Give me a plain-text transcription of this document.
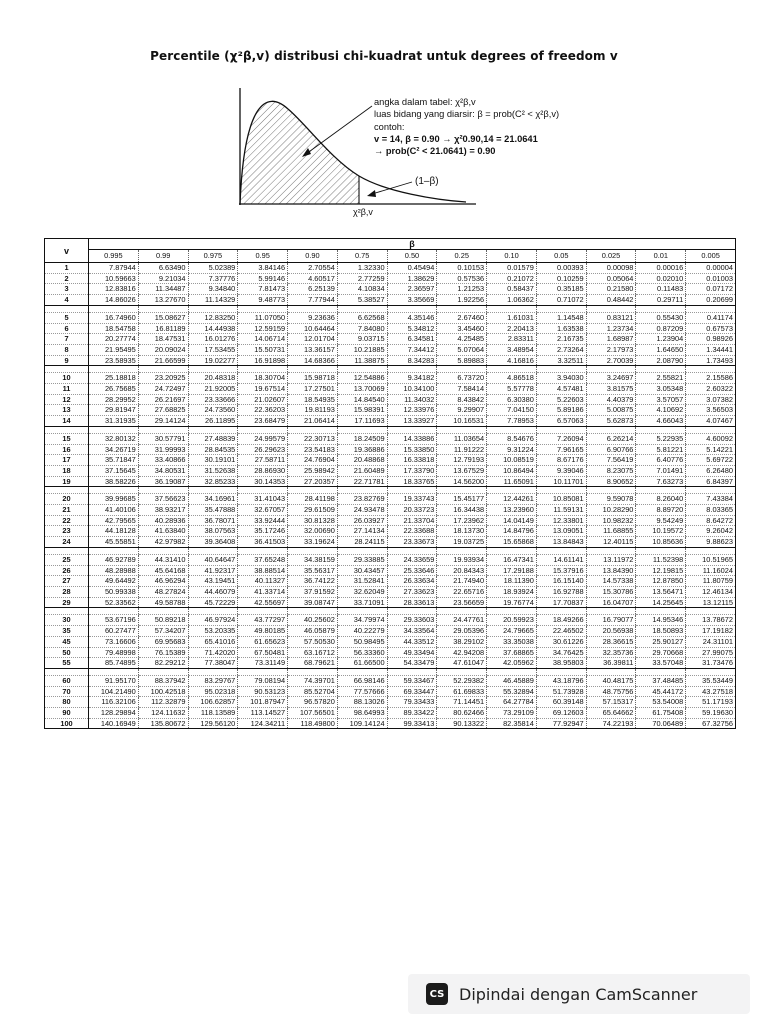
Percentile (χ²β,v) distribusi chi-kuadrat untuk degrees of freedom v
angka dalam tabel: χ²β,v
luas bidang yang diarsir: β = prob(C² < χ²β,v)
contoh:
v = 14, β = 0.90 → χ²0.90,14 = 21.0641
→ prob(C² < 21.0641) = 0.90
(1–β)
χ²β,v
v	β												
	0.995	0.99	0.975	0.95	0.90	0.75	0.50	0.25	0.10	0.05	0.025	0.01	0.005
1	7.87944	6.63490	5.02389	3.84146	2.70554	1.32330	0.45494	0.10153	0.01579	0.00393	0.00098	0.00016	0.00004
2	10.59663	9.21034	7.37776	5.99146	4.60517	2.77259	1.38629	0.57536	0.21072	0.10259	0.05064	0.02010	0.01003
3	12.83816	11.34487	9.34840	7.81473	6.25139	4.10834	2.36597	1.21253	0.58437	0.35185	0.21580	0.11483	0.07172
4	14.86026	13.27670	11.14329	9.48773	7.77944	5.38527	3.35669	1.92256	1.06362	0.71072	0.48442	0.29711	0.20699

5	16.74960	15.08627	12.83250	11.07050	9.23636	6.62568	4.35146	2.67460	1.61031	1.14548	0.83121	0.55430	0.41174
6	18.54758	16.81189	14.44938	12.59159	10.64464	7.84080	5.34812	3.45460	2.20413	1.63538	1.23734	0.87209	0.67573
7	20.27774	18.47531	16.01276	14.06714	12.01704	9.03715	6.34581	4.25485	2.83311	2.16735	1.68987	1.23904	0.98926
8	21.95495	20.09024	17.53455	15.50731	13.36157	10.21885	7.34412	5.07064	3.48954	2.73264	2.17973	1.64650	1.34441
9	23.58935	21.66599	19.02277	16.91898	14.68366	11.38875	8.34283	5.89883	4.16816	3.32511	2.70039	2.08790	1.73493

10	25.18818	23.20925	20.48318	18.30704	15.98718	12.54886	9.34182	6.73720	4.86518	3.94030	3.24697	2.55821	2.15586
11	26.75685	24.72497	21.92005	19.67514	17.27501	13.70069	10.34100	7.58414	5.57778	4.57481	3.81575	3.05348	2.60322
12	28.29952	26.21697	23.33666	21.02607	18.54935	14.84540	11.34032	8.43842	6.30380	5.22603	4.40379	3.57057	3.07382
13	29.81947	27.68825	24.73560	22.36203	19.81193	15.98391	12.33976	9.29907	7.04150	5.89186	5.00875	4.10692	3.56503
14	31.31935	29.14124	26.11895	23.68479	21.06414	17.11693	13.33927	10.16531	7.78953	6.57063	5.62873	4.66043	4.07467

15	32.80132	30.57791	27.48839	24.99579	22.30713	18.24509	14.33886	11.03654	8.54676	7.26094	6.26214	5.22935	4.60092
16	34.26719	31.99993	28.84535	26.29623	23.54183	19.36886	15.33850	11.91222	9.31224	7.96165	6.90766	5.81221	5.14221
17	35.71847	33.40866	30.19101	27.58711	24.76904	20.48868	16.33818	12.79193	10.08519	8.67176	7.56419	6.40776	5.69722
18	37.15645	34.80531	31.52638	28.86930	25.98942	21.60489	17.33790	13.67529	10.86494	9.39046	8.23075	7.01491	6.26480
19	38.58226	36.19087	32.85233	30.14353	27.20357	22.71781	18.33765	14.56200	11.65091	10.11701	8.90652	7.63273	6.84397

20	39.99685	37.56623	34.16961	31.41043	28.41198	23.82769	19.33743	15.45177	12.44261	10.85081	9.59078	8.26040	7.43384
21	41.40106	38.93217	35.47888	32.67057	29.61509	24.93478	20.33723	16.34438	13.23960	11.59131	10.28290	8.89720	8.03365
22	42.79565	40.28936	36.78071	33.92444	30.81328	26.03927	21.33704	17.23962	14.04149	12.33801	10.98232	9.54249	8.64272
23	44.18128	41.63840	38.07563	35.17246	32.00690	27.14134	22.33688	18.13730	14.84796	13.09051	11.68855	10.19572	9.26042
24	45.55851	42.97982	39.36408	36.41503	33.19624	28.24115	23.33673	19.03725	15.65868	13.84843	12.40115	10.85636	9.88623

25	46.92789	44.31410	40.64647	37.65248	34.38159	29.33885	24.33659	19.93934	16.47341	14.61141	13.11972	11.52398	10.51965
26	48.28988	45.64168	41.92317	38.88514	35.56317	30.43457	25.33646	20.84343	17.29188	15.37916	13.84390	12.19815	11.16024
27	49.64492	46.96294	43.19451	40.11327	36.74122	31.52841	26.33634	21.74940	18.11390	16.15140	14.57338	12.87850	11.80759
28	50.99338	48.27824	44.46079	41.33714	37.91592	32.62049	27.33623	22.65716	18.93924	16.92788	15.30786	13.56471	12.46134
29	52.33562	49.58788	45.72229	42.55697	39.08747	33.71091	28.33613	23.56659	19.76774	17.70837	16.04707	14.25645	13.12115

30	53.67196	50.89218	46.97924	43.77297	40.25602	34.79974	29.33603	24.47761	20.59923	18.49266	16.79077	14.95346	13.78672
35	60.27477	57.34207	53.20335	49.80185	46.05879	40.22279	34.33564	29.05396	24.79665	22.46502	20.56938	18.50893	17.19182
45	73.16606	69.95683	65.41016	61.65623	57.50530	50.98495	44.33512	38.29102	33.35038	30.61226	28.36615	25.90127	24.31101
50	79.48998	76.15389	71.42020	67.50481	63.16712	56.33360	49.33494	42.94208	37.68865	34.76425	32.35736	29.70668	27.99075
55	85.74895	82.29212	77.38047	73.31149	68.79621	61.66500	54.33479	47.61047	42.05962	38.95803	36.39811	33.57048	31.73476

60	91.95170	88.37942	83.29767	79.08194	74.39701	66.98146	59.33467	52.29382	46.45889	43.18796	40.48175	37.48485	35.53449
70	104.21490	100.42518	95.02318	90.53123	85.52704	77.57666	69.33447	61.69833	55.32894	51.73928	48.75756	45.44172	43.27518
80	116.32106	112.32879	106.62857	101.87947	96.57820	88.13026	79.33433	71.14451	64.27784	60.39148	57.15317	53.54008	51.17193
90	128.29894	124.11632	118.13589	113.14527	107.56501	98.64993	89.33422	80.62466	73.29109	69.12603	65.64662	61.75408	59.19630
100	140.16949	135.80672	129.56120	124.34211	118.49800	109.14124	99.33413	90.13322	82.35814	77.92947	74.22193	70.06489	67.32756
CS Dipindai dengan CamScanner
